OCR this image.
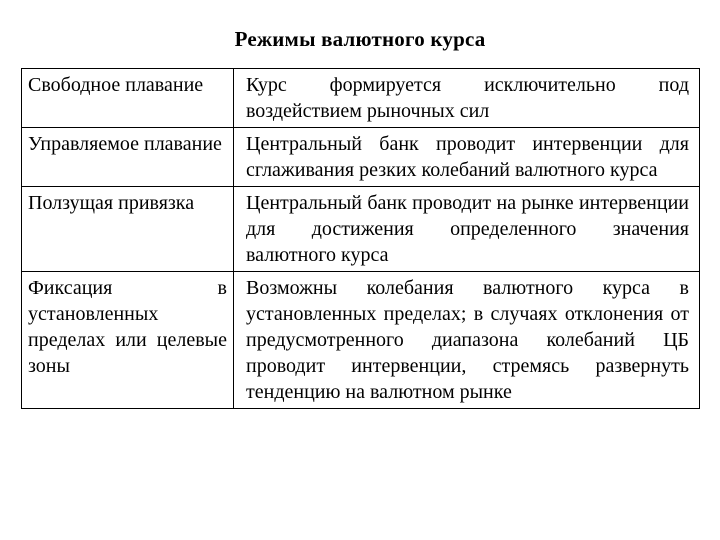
Режимы валютного курса
Свободное плавание	Курс формируется исключительно под воздействием рыночных сил
Управляемое плавание	Центральный банк проводит интервенции для сглаживания резких колебаний валютного курса
Ползущая привязка	Центральный банк проводит на рынке интервенции для достижения определенного значения валютного курса
Фиксация в установленных пределах или целевые зоны	Возможны колебания валютного курса в установленных пределах; в случаях отклонения от предусмотренного диапазона колебаний ЦБ проводит интервенции, стремясь развернуть тенденцию на валютном рынке
